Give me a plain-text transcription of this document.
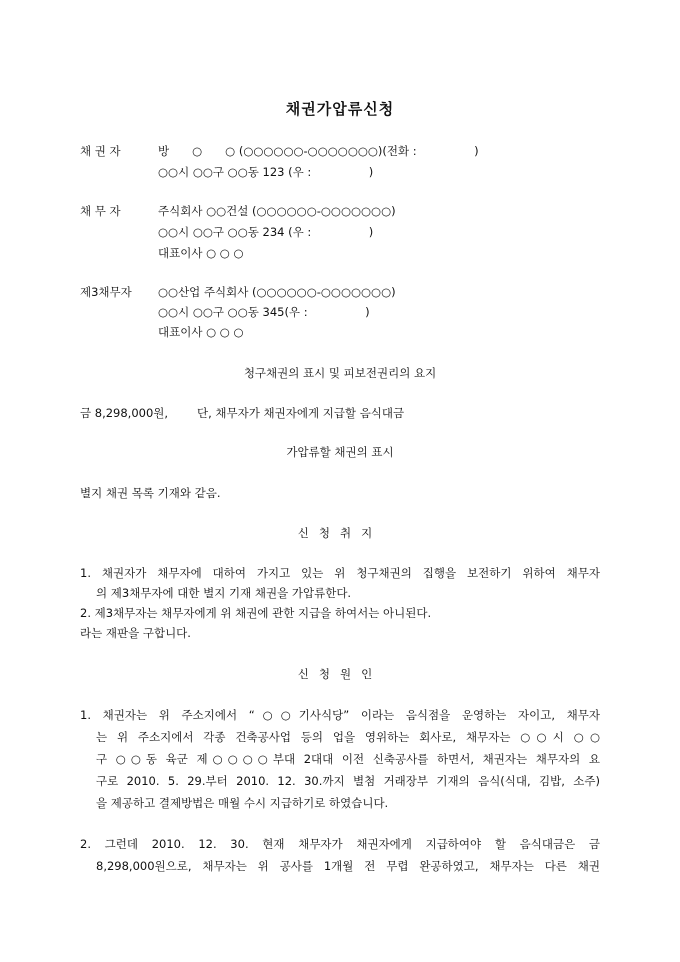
채권가압류신청
채 권 자	방　　○　　○ (○○○○○○-○○○○○○○)(전화 :　　　　　)
○○시 ○○구 ○○동 123 (우 :　　　　　)
채 무 자	주식회사 ○○건설 (○○○○○○-○○○○○○○)
○○시 ○○구 ○○동 234 (우 :　　　　　)
대표이사 ○ ○ ○
제3채무자 ○○산업 주식회사 (○○○○○○-○○○○○○○)
○○시 ○○구 ○○동 345(우 :　　　　　)
대표이사 ○ ○ ○
청구채권의 표시 및 피보전권리의 요지
금 8,298,000원,	단, 채무자가 채권자에게 지급할 음식대금
가압류할 채권의 표시
별지 채권 목록 기재와 같음.
신청취지
1. 채권자가 채무자에 대하여 가지고 있는 위 청구채권의 집행을 보전하기 위하여 채무자
의 제3채무자에 대한 별지 기재 채권을 가압류한다.
2. 제3채무자는 채무자에게 위 채권에 관한 지급을 하여서는 아니된다.
라는 재판을 구합니다.
신청원인
1. 채권자는 위 주소지에서 “○○기사식당” 이라는 음식점을 운영하는 자이고, 채무자
는 위 주소지에서 각종 건축공사업 등의 업을 영위하는 회사로, 채무자는 ○○시 ○○
구 ○○동 육군 제○○○○부대 2대대 이전 신축공사를 하면서, 채권자는 채무자의 요
구로 2010. 5. 29.부터 2010. 12. 30.까지 별첨 거래장부 기재의 음식(식대, 김밥, 소주)
을 제공하고 결제방법은 매월 수시 지급하기로 하였습니다.
2. 그런데 2010. 12. 30. 현재 채무자가 채권자에게 지급하여야 할 음식대금은 금
8,298,000원으로, 채무자는 위 공사를 1개월 전 무렵 완공하였고, 채무자는 다른 채권
